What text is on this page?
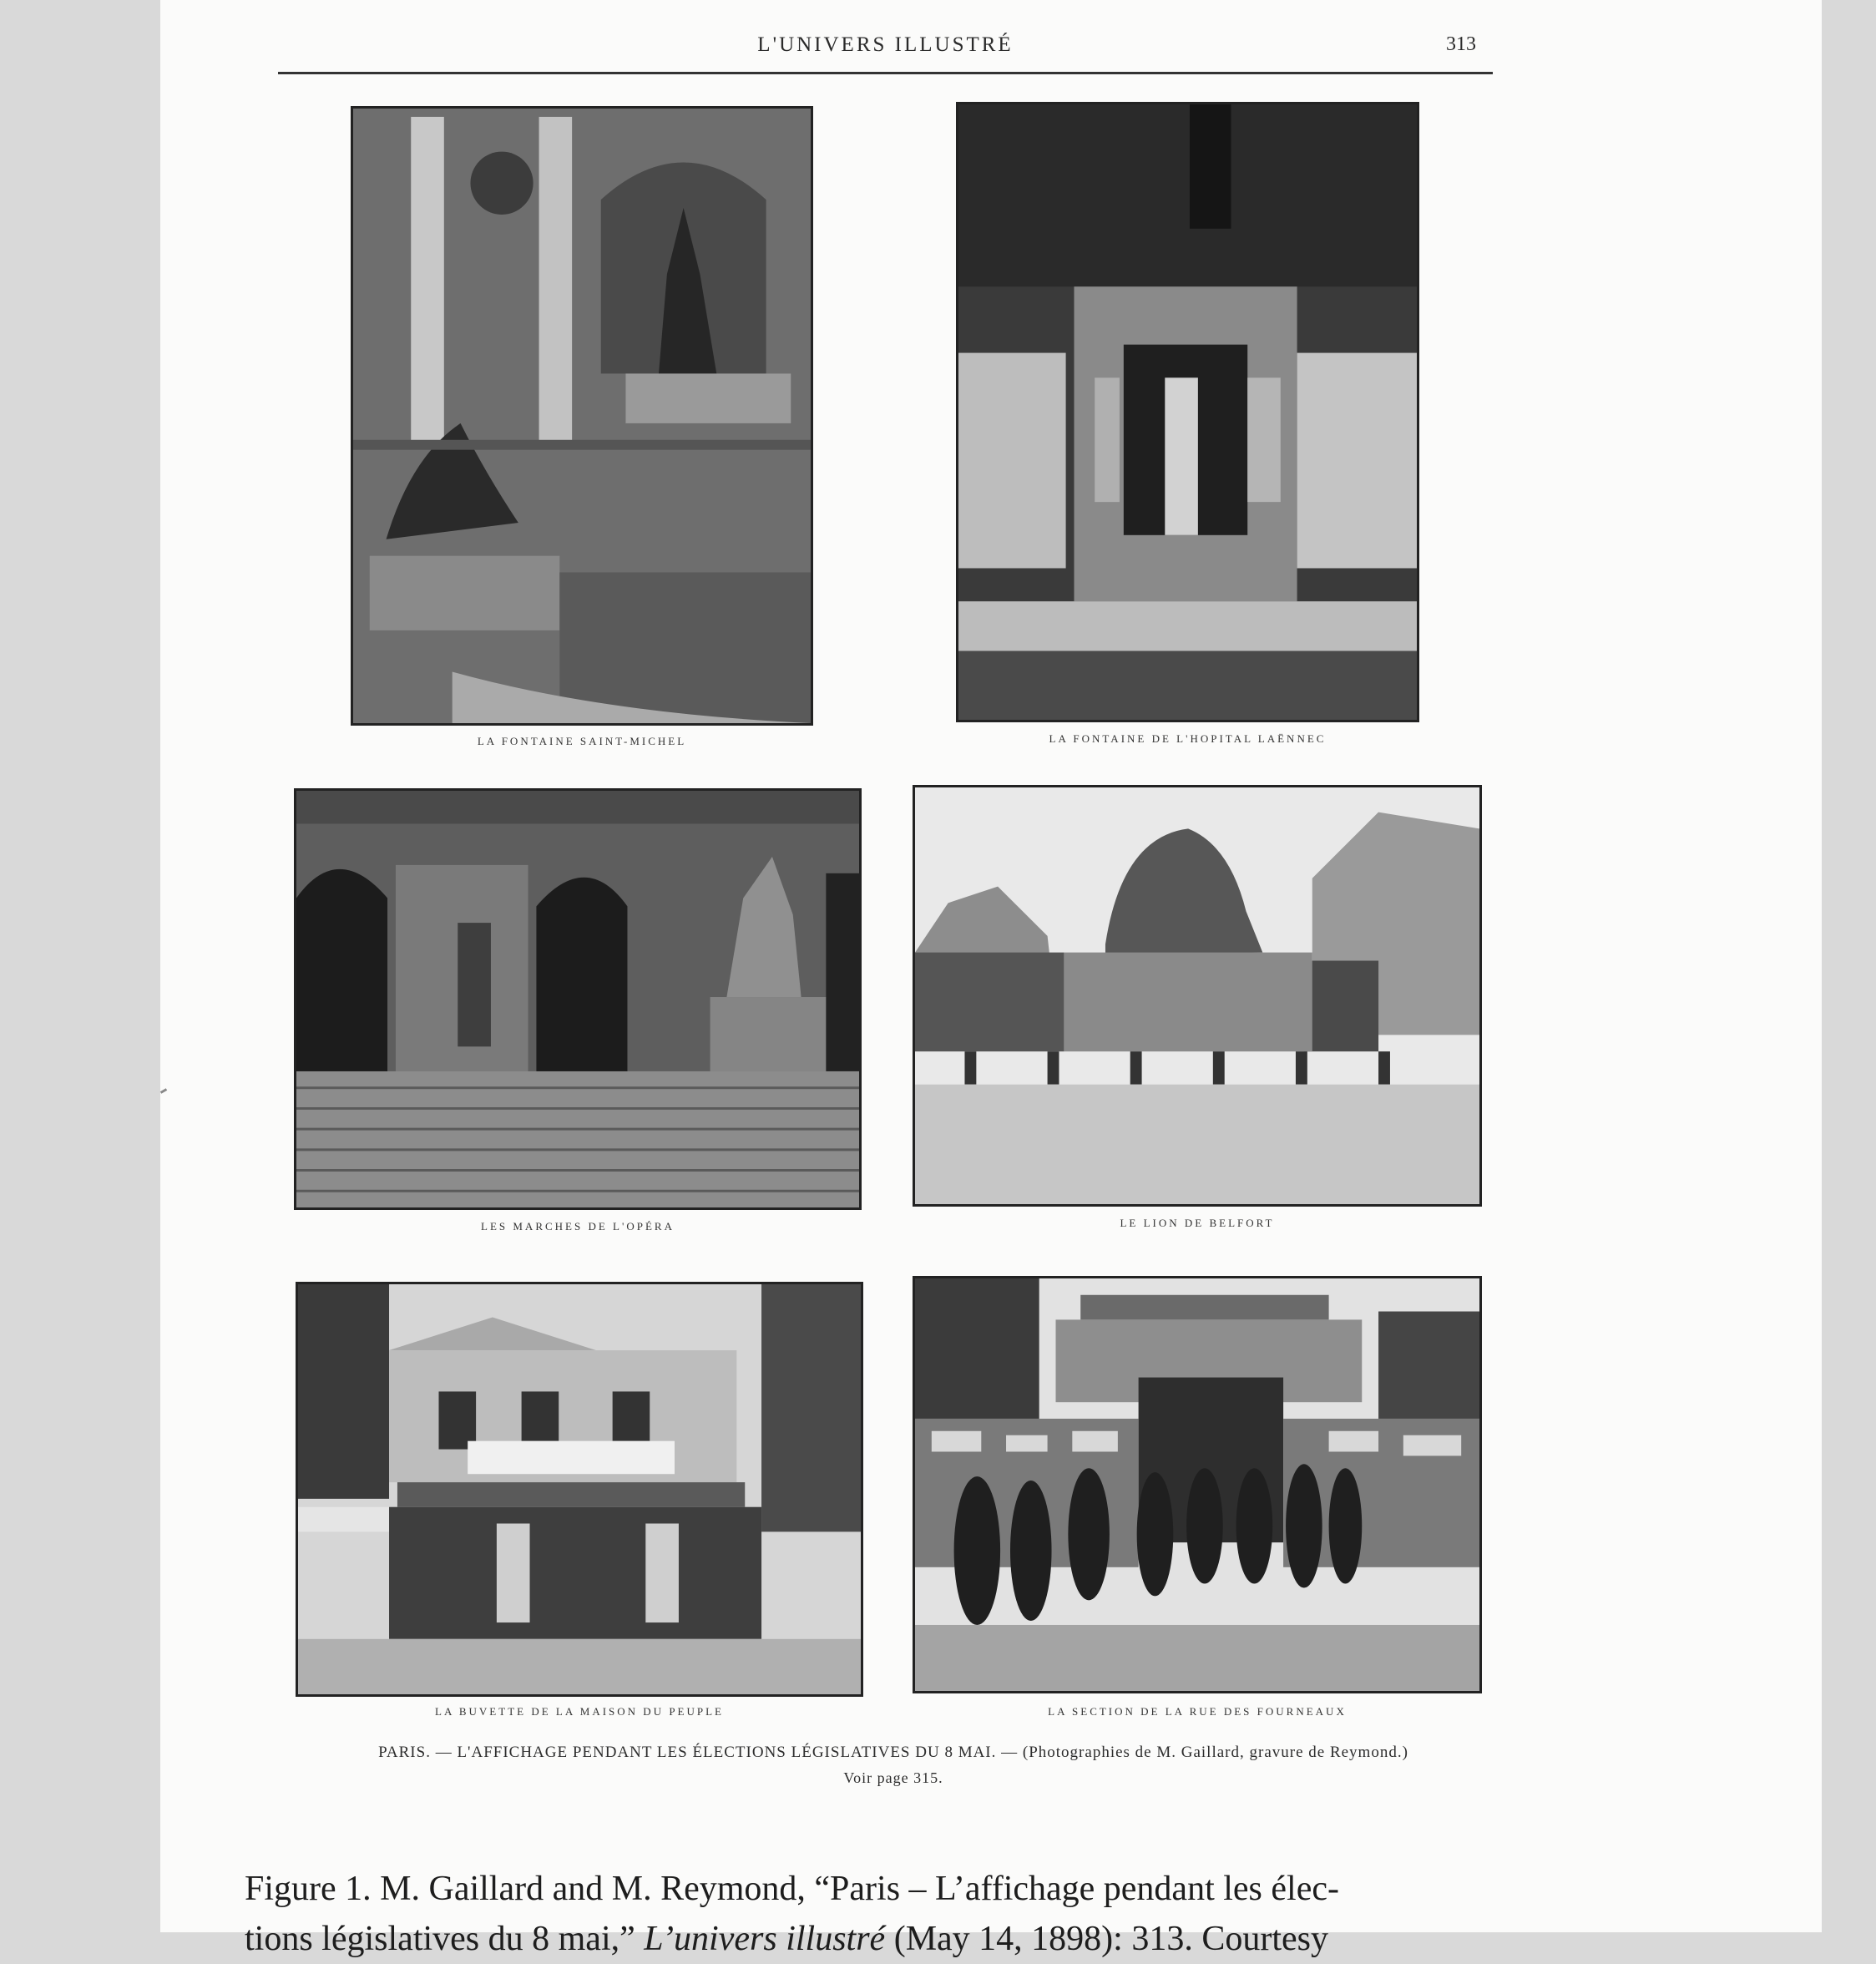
L'UNIVERS ILLUSTRÉ	313
LA FONTAINE SAINT-MICHEL	LA FONTAINE DE L'HOPITAL LAËNNEC
LES MARCHES DE L'OPÉRA	LE LION DE BELFORT
LA BUVETTE DE LA MAISON DU PEUPLE	LA SECTION DE LA RUE DES FOURNEAUX
PARIS. — L'AFFICHAGE PENDANT LES ÉLECTIONS LÉGISLATIVES DU 8 MAI. — (Photographies de M. Gaillard, gravure de Reymond.)
Voir page 315.
Figure 1. M. Gaillard and M. Reymond, “Paris – L’affichage pendant les élec-
tions législatives du 8 mai,” L’univers illustré (May 14, 1898): 313. Courtesy
